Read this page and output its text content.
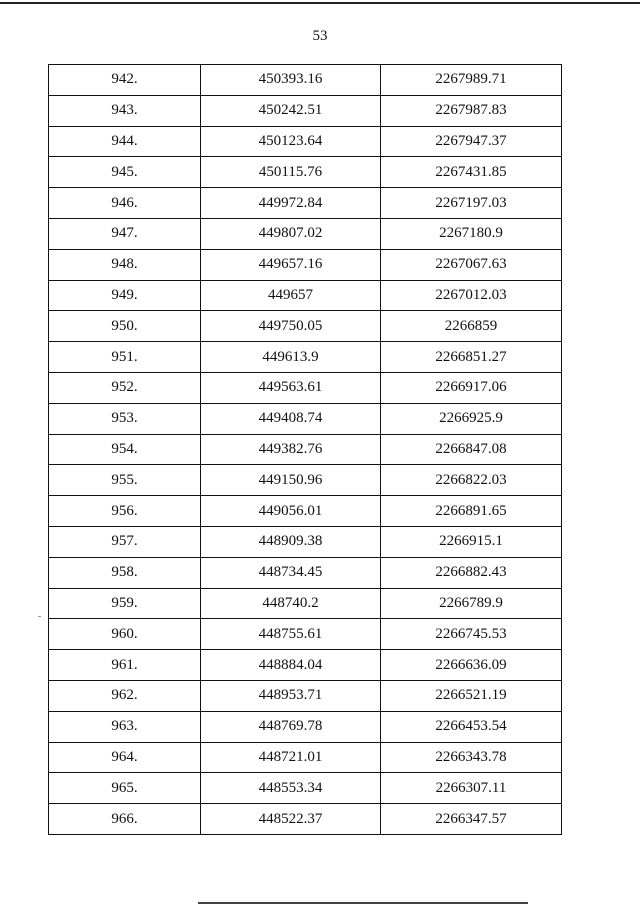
53
942.	450393.16	2267989.71
943.	450242.51	2267987.83
944.	450123.64	2267947.37
945.	450115.76	2267431.85
946.	449972.84	2267197.03
947.	449807.02	2267180.9
948.	449657.16	2267067.63
949.	449657	2267012.03
950.	449750.05	2266859
951.	449613.9	2266851.27
952.	449563.61	2266917.06
953.	449408.74	2266925.9
954.	449382.76	2266847.08
955.	449150.96	2266822.03
956.	449056.01	2266891.65
957.	448909.38	2266915.1
958.	448734.45	2266882.43
959.	448740.2	2266789.9
960.	448755.61	2266745.53
961.	448884.04	2266636.09
962.	448953.71	2266521.19
963.	448769.78	2266453.54
964.	448721.01	2266343.78
965.	448553.34	2266307.11
966.	448522.37	2266347.57
